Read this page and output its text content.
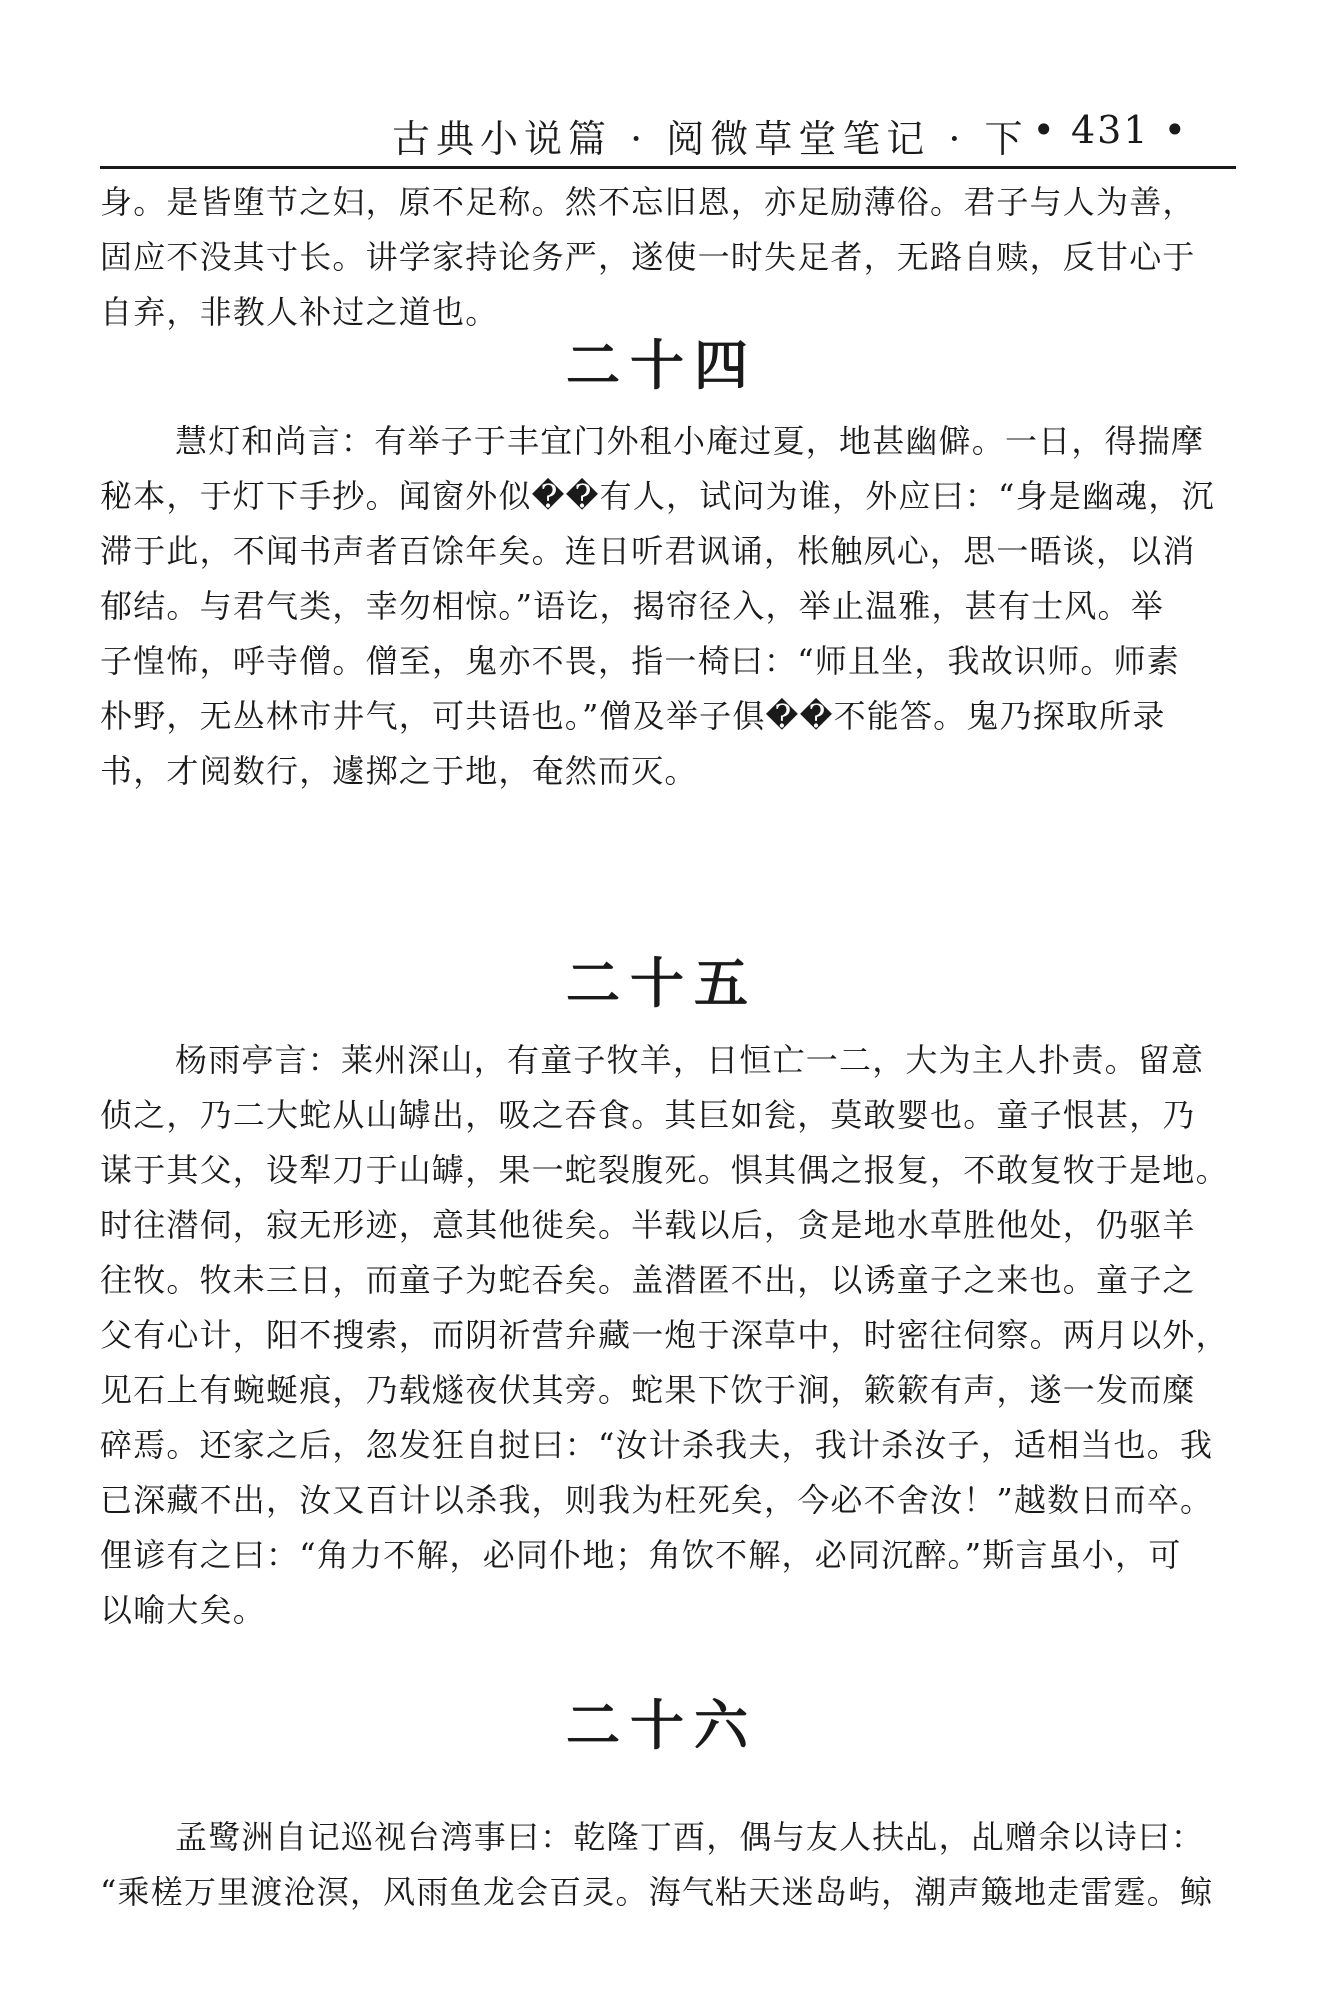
古典小说篇 · 阅微草堂笔记 · 下 • 431 •
身。是皆堕节之妇，原不足称。然不忘旧恩，亦足励薄俗。君子与人为善，
固应不没其寸长。讲学家持论务严，遂使一时失足者，无路自赎，反甘心于
自弃，非教人补过之道也。
二十四
慧灯和尚言：有举子于丰宜门外租小庵过夏，地甚幽僻。一日，得揣摩
秘本，于灯下手抄。闻窗外似��有人，试问为谁，外应曰：“身是幽魂，沉
滞于此，不闻书声者百馀年矣。连日听君讽诵，枨触夙心，思一晤谈，以消
郁结。与君气类，幸勿相惊。”语讫，揭帘径入，举止温雅，甚有士风。举
子惶怖，呼寺僧。僧至，鬼亦不畏，指一椅曰：“师且坐，我故识师。师素
朴野，无丛林市井气，可共语也。”僧及举子俱��不能答。鬼乃探取所录
书，才阅数行，遽掷之于地，奄然而灭。
二十五
杨雨亭言：莱州深山，有童子牧羊，日恒亡一二，大为主人扑责。留意
侦之，乃二大蛇从山罅出，吸之吞食。其巨如瓮，莫敢婴也。童子恨甚，乃
谋于其父，设犁刀于山罅，果一蛇裂腹死。惧其偶之报复，不敢复牧于是地。
时往潜伺，寂无形迹，意其他徙矣。半载以后，贪是地水草胜他处，仍驱羊
往牧。牧未三日，而童子为蛇吞矣。盖潜匿不出，以诱童子之来也。童子之
父有心计，阳不搜索，而阴祈营弁藏一炮于深草中，时密往伺察。两月以外，
见石上有蜿蜒痕，乃载燧夜伏其旁。蛇果下饮于涧，簌簌有声，遂一发而糜
碎焉。还家之后，忽发狂自挝曰：“汝计杀我夫，我计杀汝子，适相当也。我
已深藏不出，汝又百计以杀我，则我为枉死矣，今必不舍汝！”越数日而卒。
俚谚有之曰：“角力不解，必同仆地；角饮不解，必同沉醉。”斯言虽小，可
以喻大矣。
二十六
孟鹭洲自记巡视台湾事曰：乾隆丁酉，偶与友人扶乩，乩赠余以诗曰：
“乘槎万里渡沧溟，风雨鱼龙会百灵。海气粘天迷岛屿，潮声簸地走雷霆。鲸
